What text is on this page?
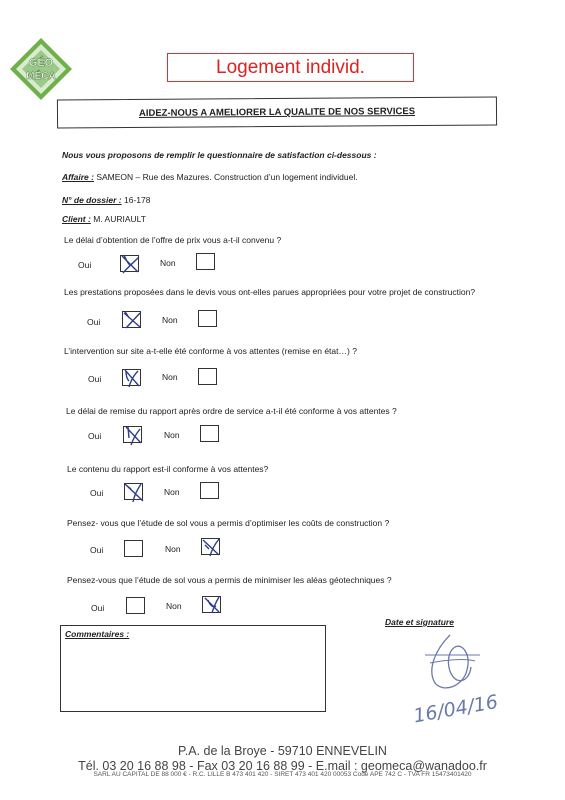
GÉO
MÉCA	Logement individ.
AIDEZ-NOUS A AMELIORER LA QUALITE DE NOS SERVICES
Nous vous proposons de remplir le questionnaire de satisfaction ci-dessous :
Affaire : SAMEON – Rue des Mazures. Construction d’un logement individuel.
N° de dossier : 16-178
Client : M. AURIAULT
Le délai d’obtention de l’offre de prix vous a-t-il convenu ?
Oui	Non
Les prestations proposées dans le devis vous ont-elles parues appropriées pour votre projet de construction?
Oui	Non
L’intervention sur site a-t-elle été conforme à vos attentes (remise en état…) ?
Oui	Non
Le délai de remise du rapport après ordre de service a-t-il été conforme à vos attentes ?
Oui	Non
Le contenu du rapport est-il conforme à vos attentes?
Oui	Non
Pensez- vous que l’étude de sol vous a permis d’optimiser les coûts de construction ?
Oui	Non
Pensez-vous que l’étude de sol vous a permis de minimiser les aléas géotechniques ?
Oui	Non
Commentaires :
Date et signature
16/04/16
P.A. de la Broye - 59710 ENNEVELIN
Tél. 03 20 16 88 98 - Fax 03 20 16 88 99 - E.mail : geomeca@wanadoo.fr
SARL AU CAPITAL DE 88 000 € - R.C. LILLE B 473 401 420 - SIRET 473 401 420 00053 Code APE 742 C - TVA FR 15473401420
